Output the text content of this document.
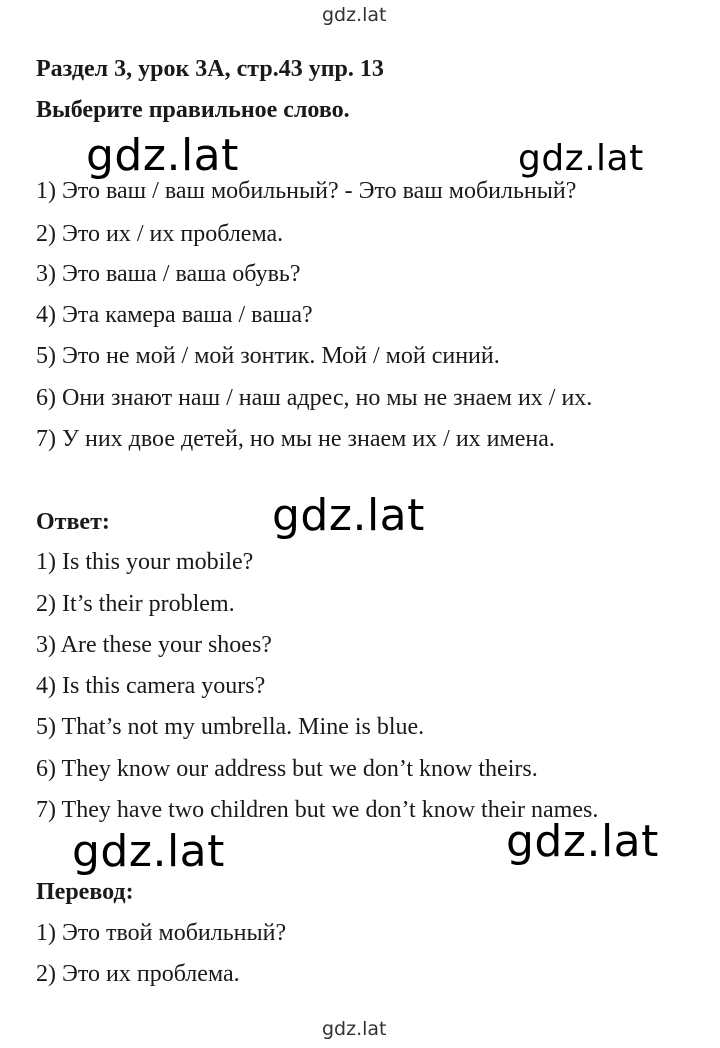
gdz.lat
gdz.lat
Раздел 3, урок 3А, стр.43 упр. 13
Выберите правильное слово.
1) Это ваш / ваш мобильный? - Это ваш мобильный?
2) Это их / их проблема.
3) Это ваша / ваша обувь?
4) Эта камера ваша / ваша?
5) Это не мой / мой зонтик. Мой / мой синий.
6) Они знают наш / наш адрес, но мы не знаем их / их.
7) У них двое детей, но мы не знаем их / их имена.
Ответ:
1) Is this your mobile?
2) It’s their problem.
3) Are these your shoes?
4) Is this camera yours?
5) That’s not my umbrella. Mine is blue.
6) They know our address but we don’t know theirs.
7) They have two children but we don’t know their names.
Перевод:
1) Это твой мобильный?
2) Это их проблема.
gdz.lat	gdz.lat
gdz.lat
gdz.lat	gdz.lat
